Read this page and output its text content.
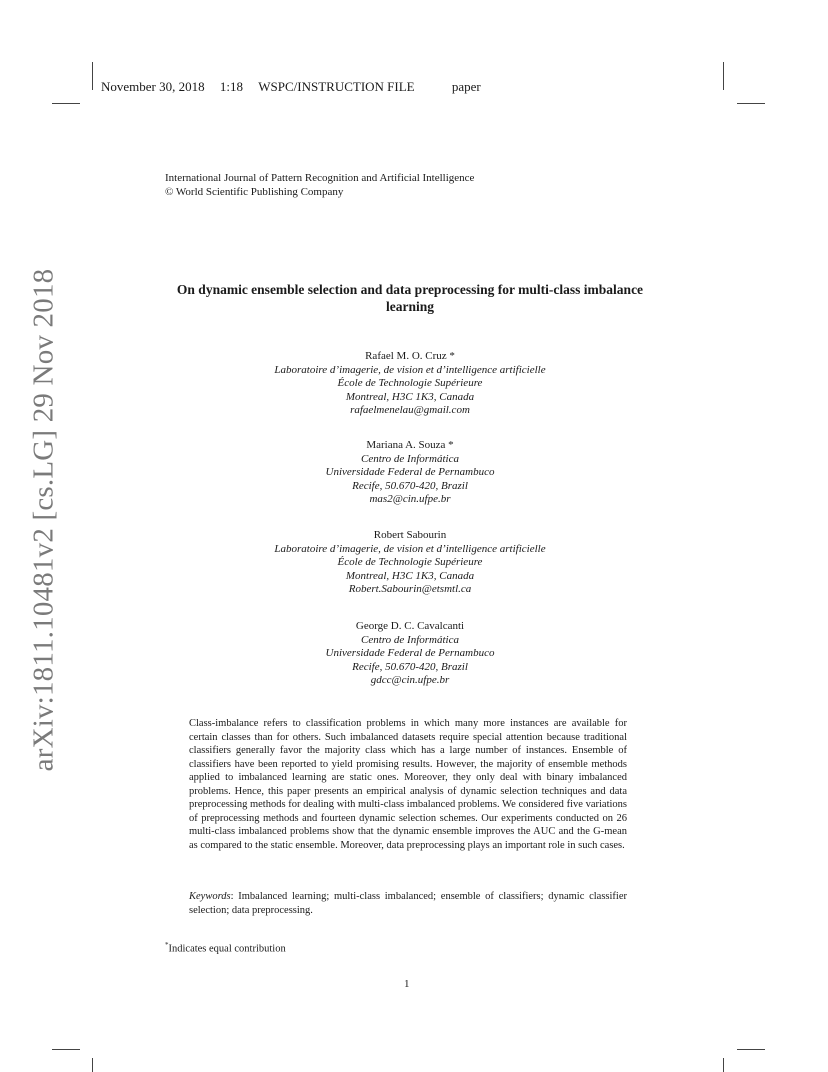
November 30, 2018 1:18 WSPC/INSTRUCTION FILE	paper
International Journal of Pattern Recognition and Artificial Intelligence
© World Scientific Publishing Company
arXiv:1811.10481v2 [cs.LG] 29 Nov 2018	On dynamic ensemble selection and data preprocessing for multi-class imbalance learning
Rafael M. O. Cruz *
Laboratoire d’imagerie, de vision et d’intelligence artificielle
École de Technologie Supérieure
Montreal, H3C 1K3, Canada
rafaelmenelau@gmail.com
Mariana A. Souza *
Centro de Informática
Universidade Federal de Pernambuco
Recife, 50.670-420, Brazil
mas2@cin.ufpe.br
Robert Sabourin
Laboratoire d’imagerie, de vision et d’intelligence artificielle
École de Technologie Supérieure
Montreal, H3C 1K3, Canada
Robert.Sabourin@etsmtl.ca
George D. C. Cavalcanti
Centro de Informática
Universidade Federal de Pernambuco
Recife, 50.670-420, Brazil
gdcc@cin.ufpe.br
Class-imbalance refers to classification problems in which many more instances are available for certain classes than for others. Such imbalanced datasets require special attention because traditional classifiers generally favor the majority class which has a large number of instances. Ensemble of classifiers have been reported to yield promising results. However, the majority of ensemble methods applied to imbalanced learning are static ones. Moreover, they only deal with binary imbalanced problems. Hence, this paper presents an empirical analysis of dynamic selection techniques and data preprocessing methods for dealing with multi-class imbalanced problems. We considered five variations of preprocessing methods and fourteen dynamic selection schemes. Our experiments conducted on 26 multi-class imbalanced problems show that the dynamic ensemble improves the AUC and the G-mean as compared to the static ensemble. Moreover, data preprocessing plays an important role in such cases.
Keywords: Imbalanced learning; multi-class imbalanced; ensemble of classifiers; dynamic classifier selection; data preprocessing.
*Indicates equal contribution
1
